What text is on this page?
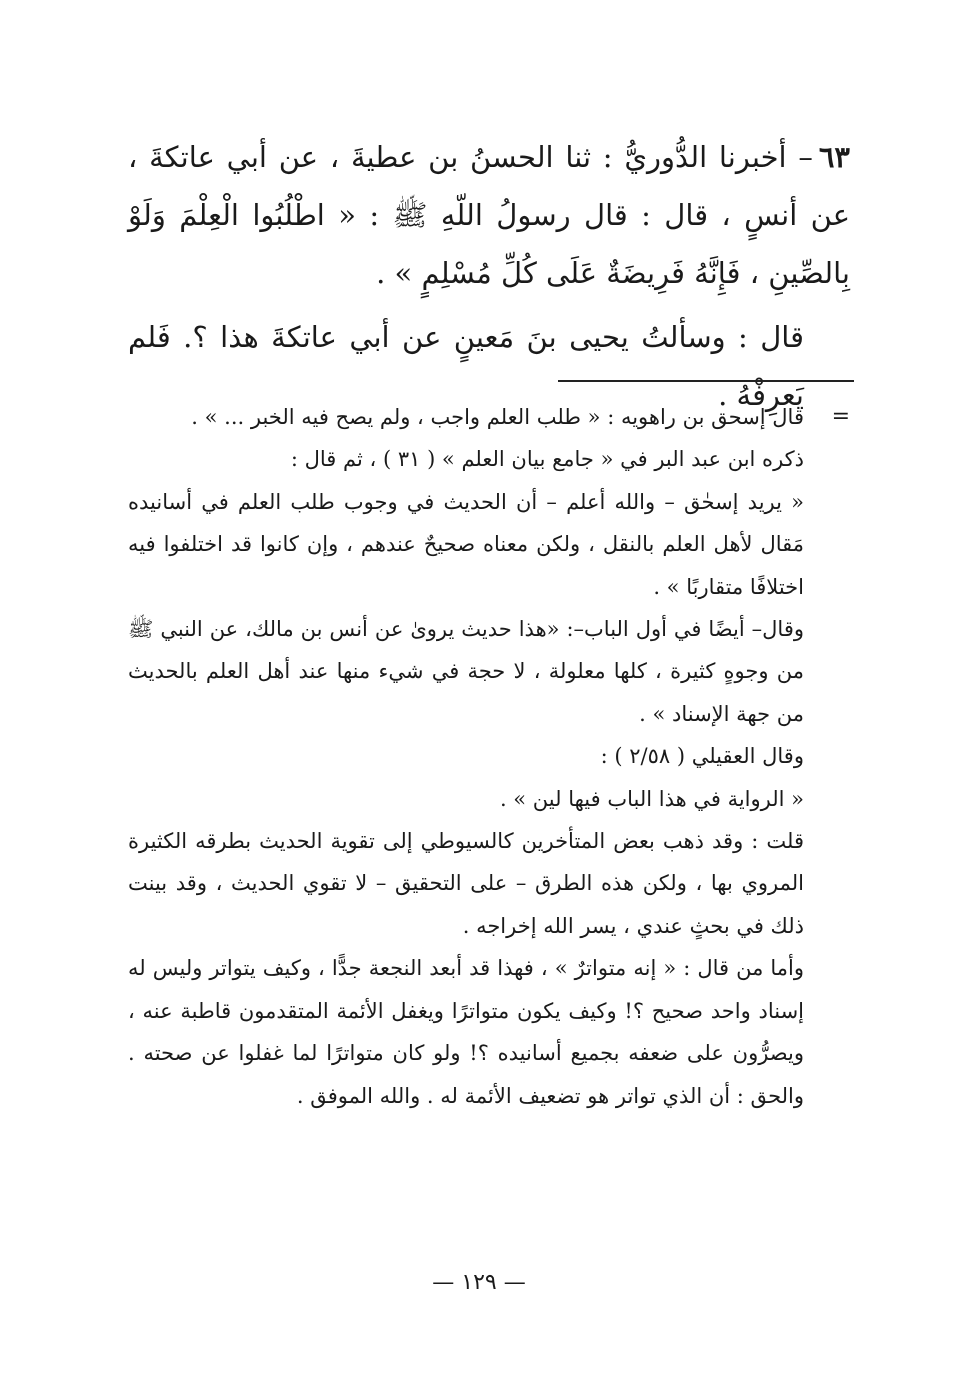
٦٣– أخبرنا الدُّوريُّ : ثنا الحسنُ بن عطيةَ ، عن أبي عاتكةَ ، عن أنسٍ ، قال : قال رسولُ اللّهِ ﷺ : « اطْلُبُوا الْعِلْمَ وَلَوْ بِالصِّينِ ، فَإِنَّهُ فَرِيضَةٌ عَلَى كُلِّ مُسْلِمٍ » .

قال : وسألتُ يحيى بنَ مَعينٍ عن أبي عاتكةَ هذا ؟. فَلم يَعرِفْهُ .

=
قال إسحق بن راهويه : « طلب العلم واجب ، ولم يصح فيه الخبر ... » .

ذكره ابن عبد البر في « جامع بيان العلم » ( ٣١ ) ، ثم قال :

« يريد إسحٰق – والله أعلم – أن الحديث في وجوب طلب العلم في أسانيده مَقال لأهل العلم بالنقل ، ولكن معناه صحيحٌ عندهم ، وإن كانوا قد اختلفوا فيه اختلافًا متقاربًا » .

وقال– أيضًا في أول الباب–: «هذا حديث يروىٰ عن أنس بن مالك، عن النبي ﷺ من وجوهٍ كثيرة ، كلها معلولة ، لا حجة في شيء منها عند أهل العلم بالحديث من جهة الإسناد » .

وقال العقيلي ( ٢/٥٨ ) :

« الرواية في هذا الباب فيها لين » .

قلت : وقد ذهب بعض المتأخرين كالسيوطي إلى تقوية الحديث بطرقه الكثيرة المروي بها ، ولكن هذه الطرق – على التحقيق – لا تقوي الحديث ، وقد بينت ذلك في بحثٍ عندي ، يسر الله إخراجه .

وأما من قال : « إنه متواترٌ » ، فهذا قد أبعد النجعة جدًّا ، وكيف يتواتر وليس له إسناد واحد صحيح ؟! وكيف يكون متواترًا ويغفل الأئمة المتقدمون قاطبة عنه ، ويصرُّون على ضعفه بجميع أسانيده ؟! ولو كان متواترًا لما غفلوا عن صحته . والحق : أن الذي تواتر هو تضعيف الأئمة له . والله الموفق .

— ١٢٩ —
